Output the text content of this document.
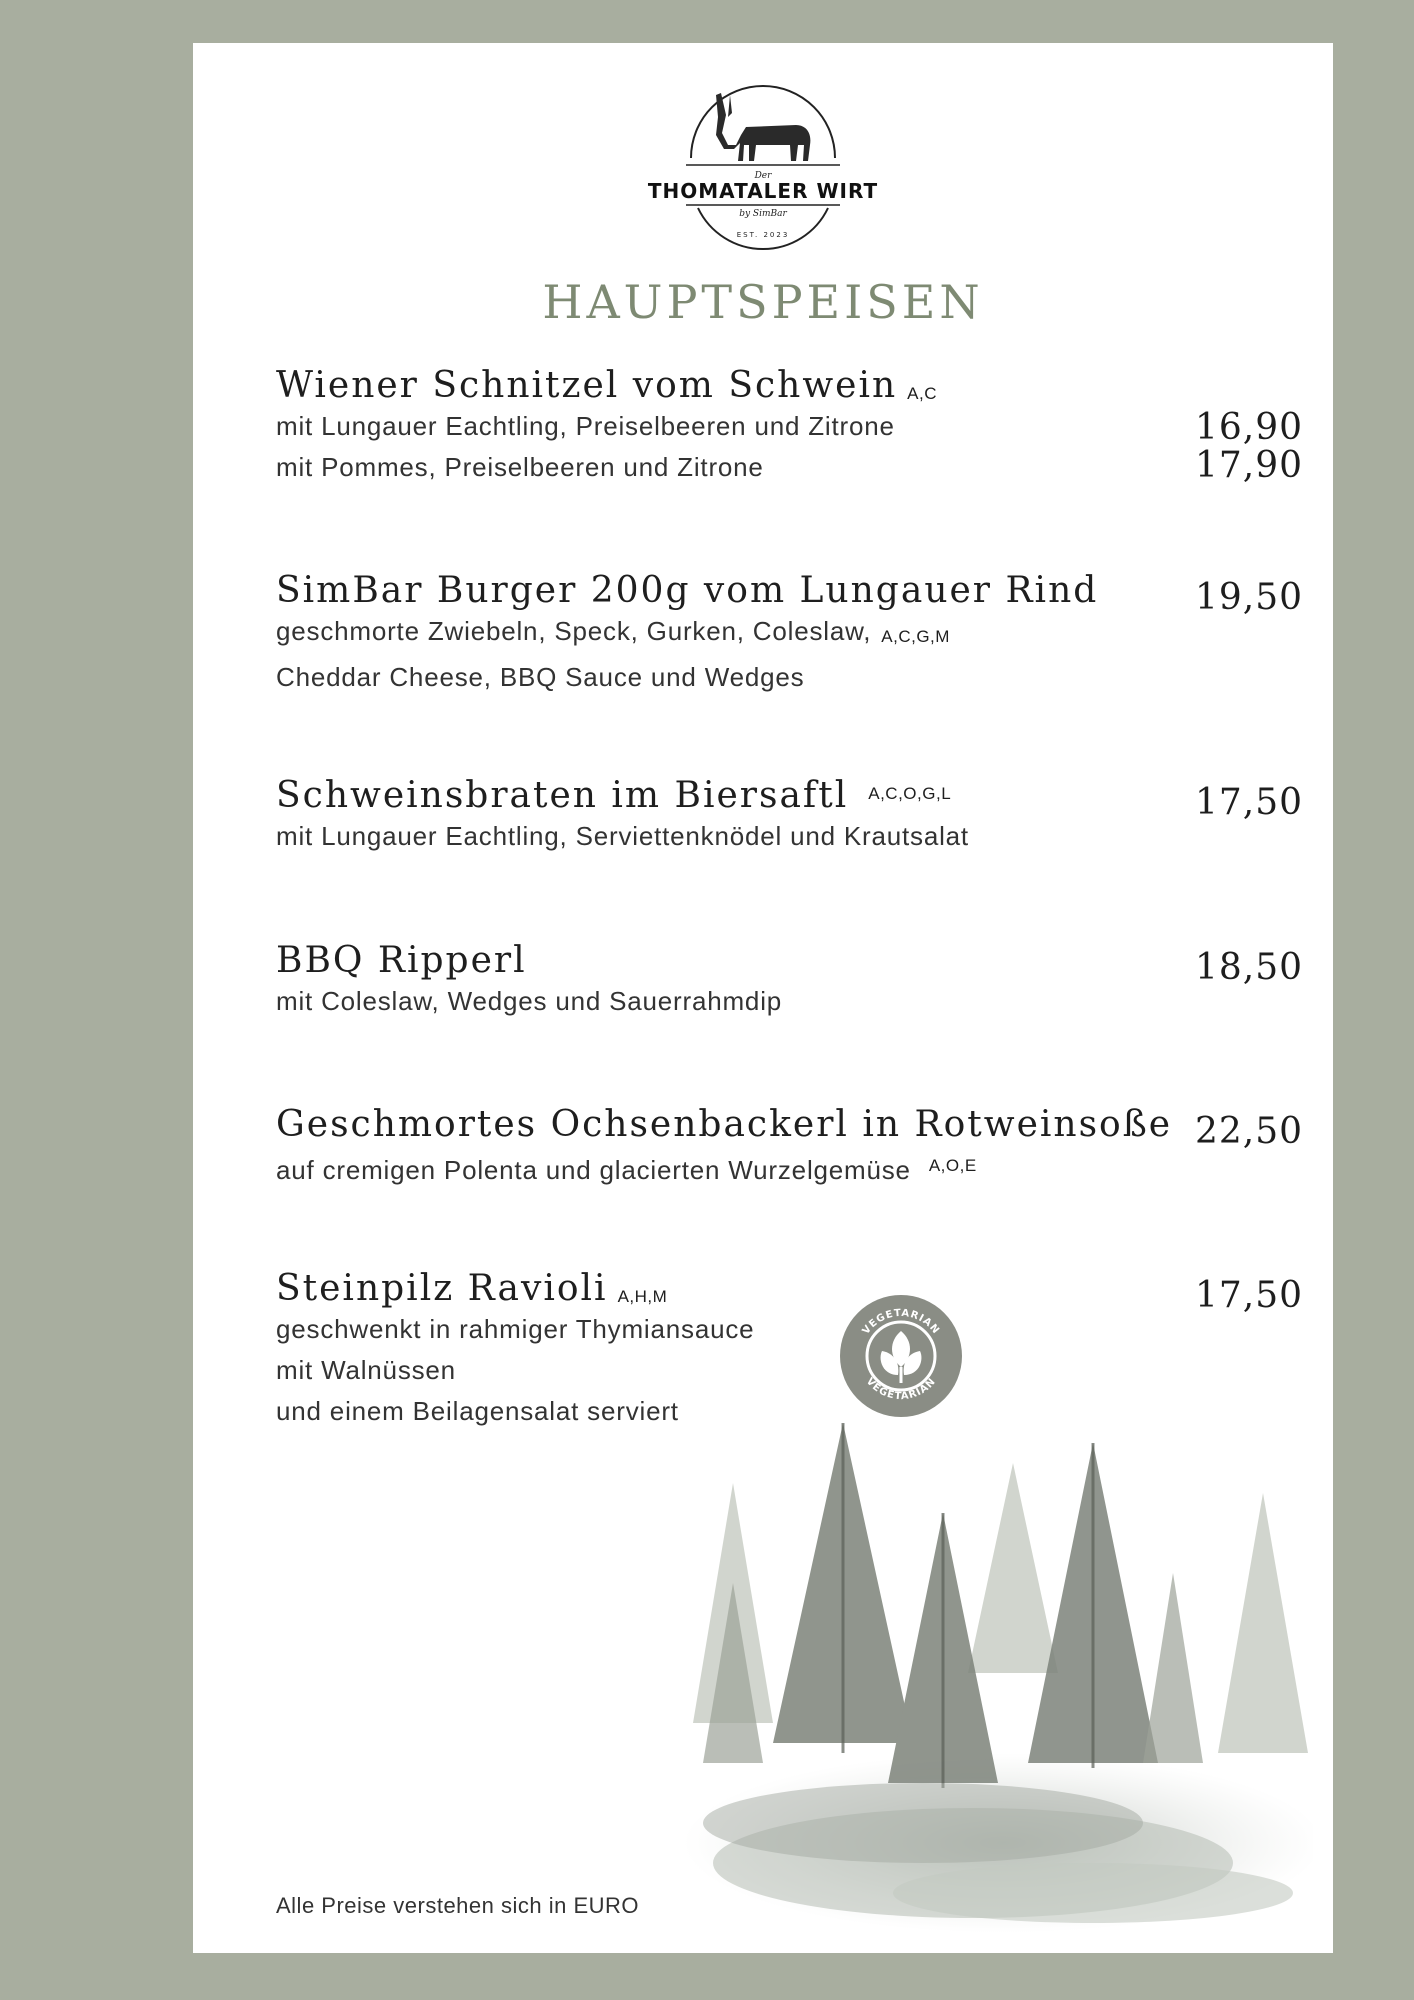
Der
THOMATALER WIRT
by SimBar
EST. 2023
HAUPTSPEISEN
Wiener Schnitzel vom Schwein A,C
mit Lungauer Eachtling, Preiselbeeren und Zitrone
mit Pommes, Preiselbeeren und Zitrone
16,90
17,90
SimBar Burger 200g vom Lungauer Rind
geschmorte Zwiebeln, Speck, Gurken, Coleslaw, A,C,G,M
Cheddar Cheese, BBQ Sauce und Wedges
19,50
Schweinsbraten im Biersaftl $^{A,C,O,G,L}$
mit Lungauer Eachtling, Serviettenknödel und Krautsalat
17,50
BBQ Ripperl
mit Coleslaw, Wedges und Sauerrahmdip
18,50
Geschmortes Ochsenbackerl in Rotweinsoße
auf cremigen Polenta und glacierten Wurzelgemüse $^{A,O,E}$
22,50
Steinpilz Ravioli A,H,M
geschwenkt in rahmiger Thymiansauce
mit Walnüssen
und einem Beilagensalat serviert
17,50
VEGETARIAN
VEGETARIAN
Alle Preise verstehen sich in EURO
